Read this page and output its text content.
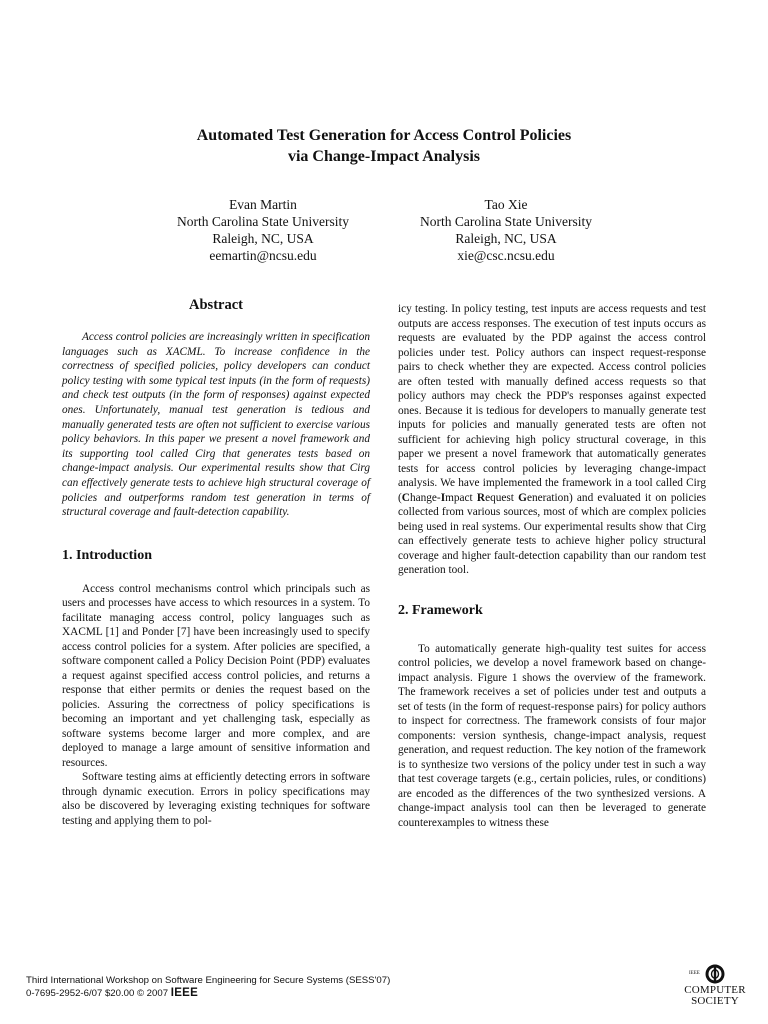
Automated Test Generation for Access Control Policies
via Change-Impact Analysis
Evan Martin
North Carolina State University
Raleigh, NC, USA
eemartin@ncsu.edu
Tao Xie
North Carolina State University
Raleigh, NC, USA
xie@csc.ncsu.edu
Abstract

Access control policies are increasingly written in specification languages such as XACML. To increase confidence in the correctness of specified policies, policy developers can conduct policy testing with some typical test inputs (in the form of requests) and check test outputs (in the form of responses) against expected ones. Unfortunately, manual test generation is tedious and manually generated tests are often not sufficient to exercise various policy behaviors. In this paper we present a novel framework and its supporting tool called Cirg that generates tests based on change-impact analysis. Our experimental results show that Cirg can effectively generate tests to achieve high structural coverage of policies and outperforms random test generation in terms of structural coverage and fault-detection capability.

1. Introduction

Access control mechanisms control which principals such as users and processes have access to which resources in a system. To facilitate managing access control, policy languages such as XACML [1] and Ponder [7] have been increasingly used to specify access control policies for a system. After policies are specified, a software component called a Policy Decision Point (PDP) evaluates a request against specified access control policies, and returns a response that either permits or denies the request based on the policies. Assuring the correctness of policy specifications is becoming an important and yet challenging task, especially as software systems become larger and more complex, and are deployed to manage a large amount of sensitive information and resources.

Software testing aims at efficiently detecting errors in software through dynamic execution. Errors in policy specifications may also be discovered by leveraging existing techniques for software testing and applying them to pol-

icy testing. In policy testing, test inputs are access requests and test outputs are access responses. The execution of test inputs occurs as requests are evaluated by the PDP against the access control policies under test. Policy authors can inspect request-response pairs to check whether they are expected. Access control policies are often tested with manually defined access requests so that policy authors may check the PDP's responses against expected ones. Because it is tedious for developers to manually generate test inputs for policies and manually generated tests are often not sufficient for achieving high policy structural coverage, in this paper we present a novel framework that automatically generates tests for access control policies by leveraging change-impact analysis. We have implemented the framework in a tool called Cirg (Change-Impact Request Generation) and evaluated it on policies collected from various sources, most of which are complex policies being used in real systems. Our experimental results show that Cirg can effectively generate tests to achieve higher policy structural coverage and higher fault-detection capability than our random test generation tool.

2. Framework

To automatically generate high-quality test suites for access control policies, we develop a novel framework based on change-impact analysis. Figure 1 shows the overview of the framework. The framework receives a set of policies under test and outputs a set of tests (in the form of request-response pairs) for policy authors to inspect for correctness. The framework consists of four major components: version synthesis, change-impact analysis, request generation, and request reduction. The key notion of the framework is to synthesize two versions of the policy under test in such a way that test coverage targets (e.g., certain policies, rules, or conditions) are encoded as the differences of the two synthesized versions. A change-impact analysis tool can then be leveraged to generate counterexamples to witness these

Third International Workshop on Software Engineering for Secure Systems (SESS'07)
0-7695-2952-6/07 $20.00 © 2007 IEEE
IEEE
COMPUTER
SOCIETY
